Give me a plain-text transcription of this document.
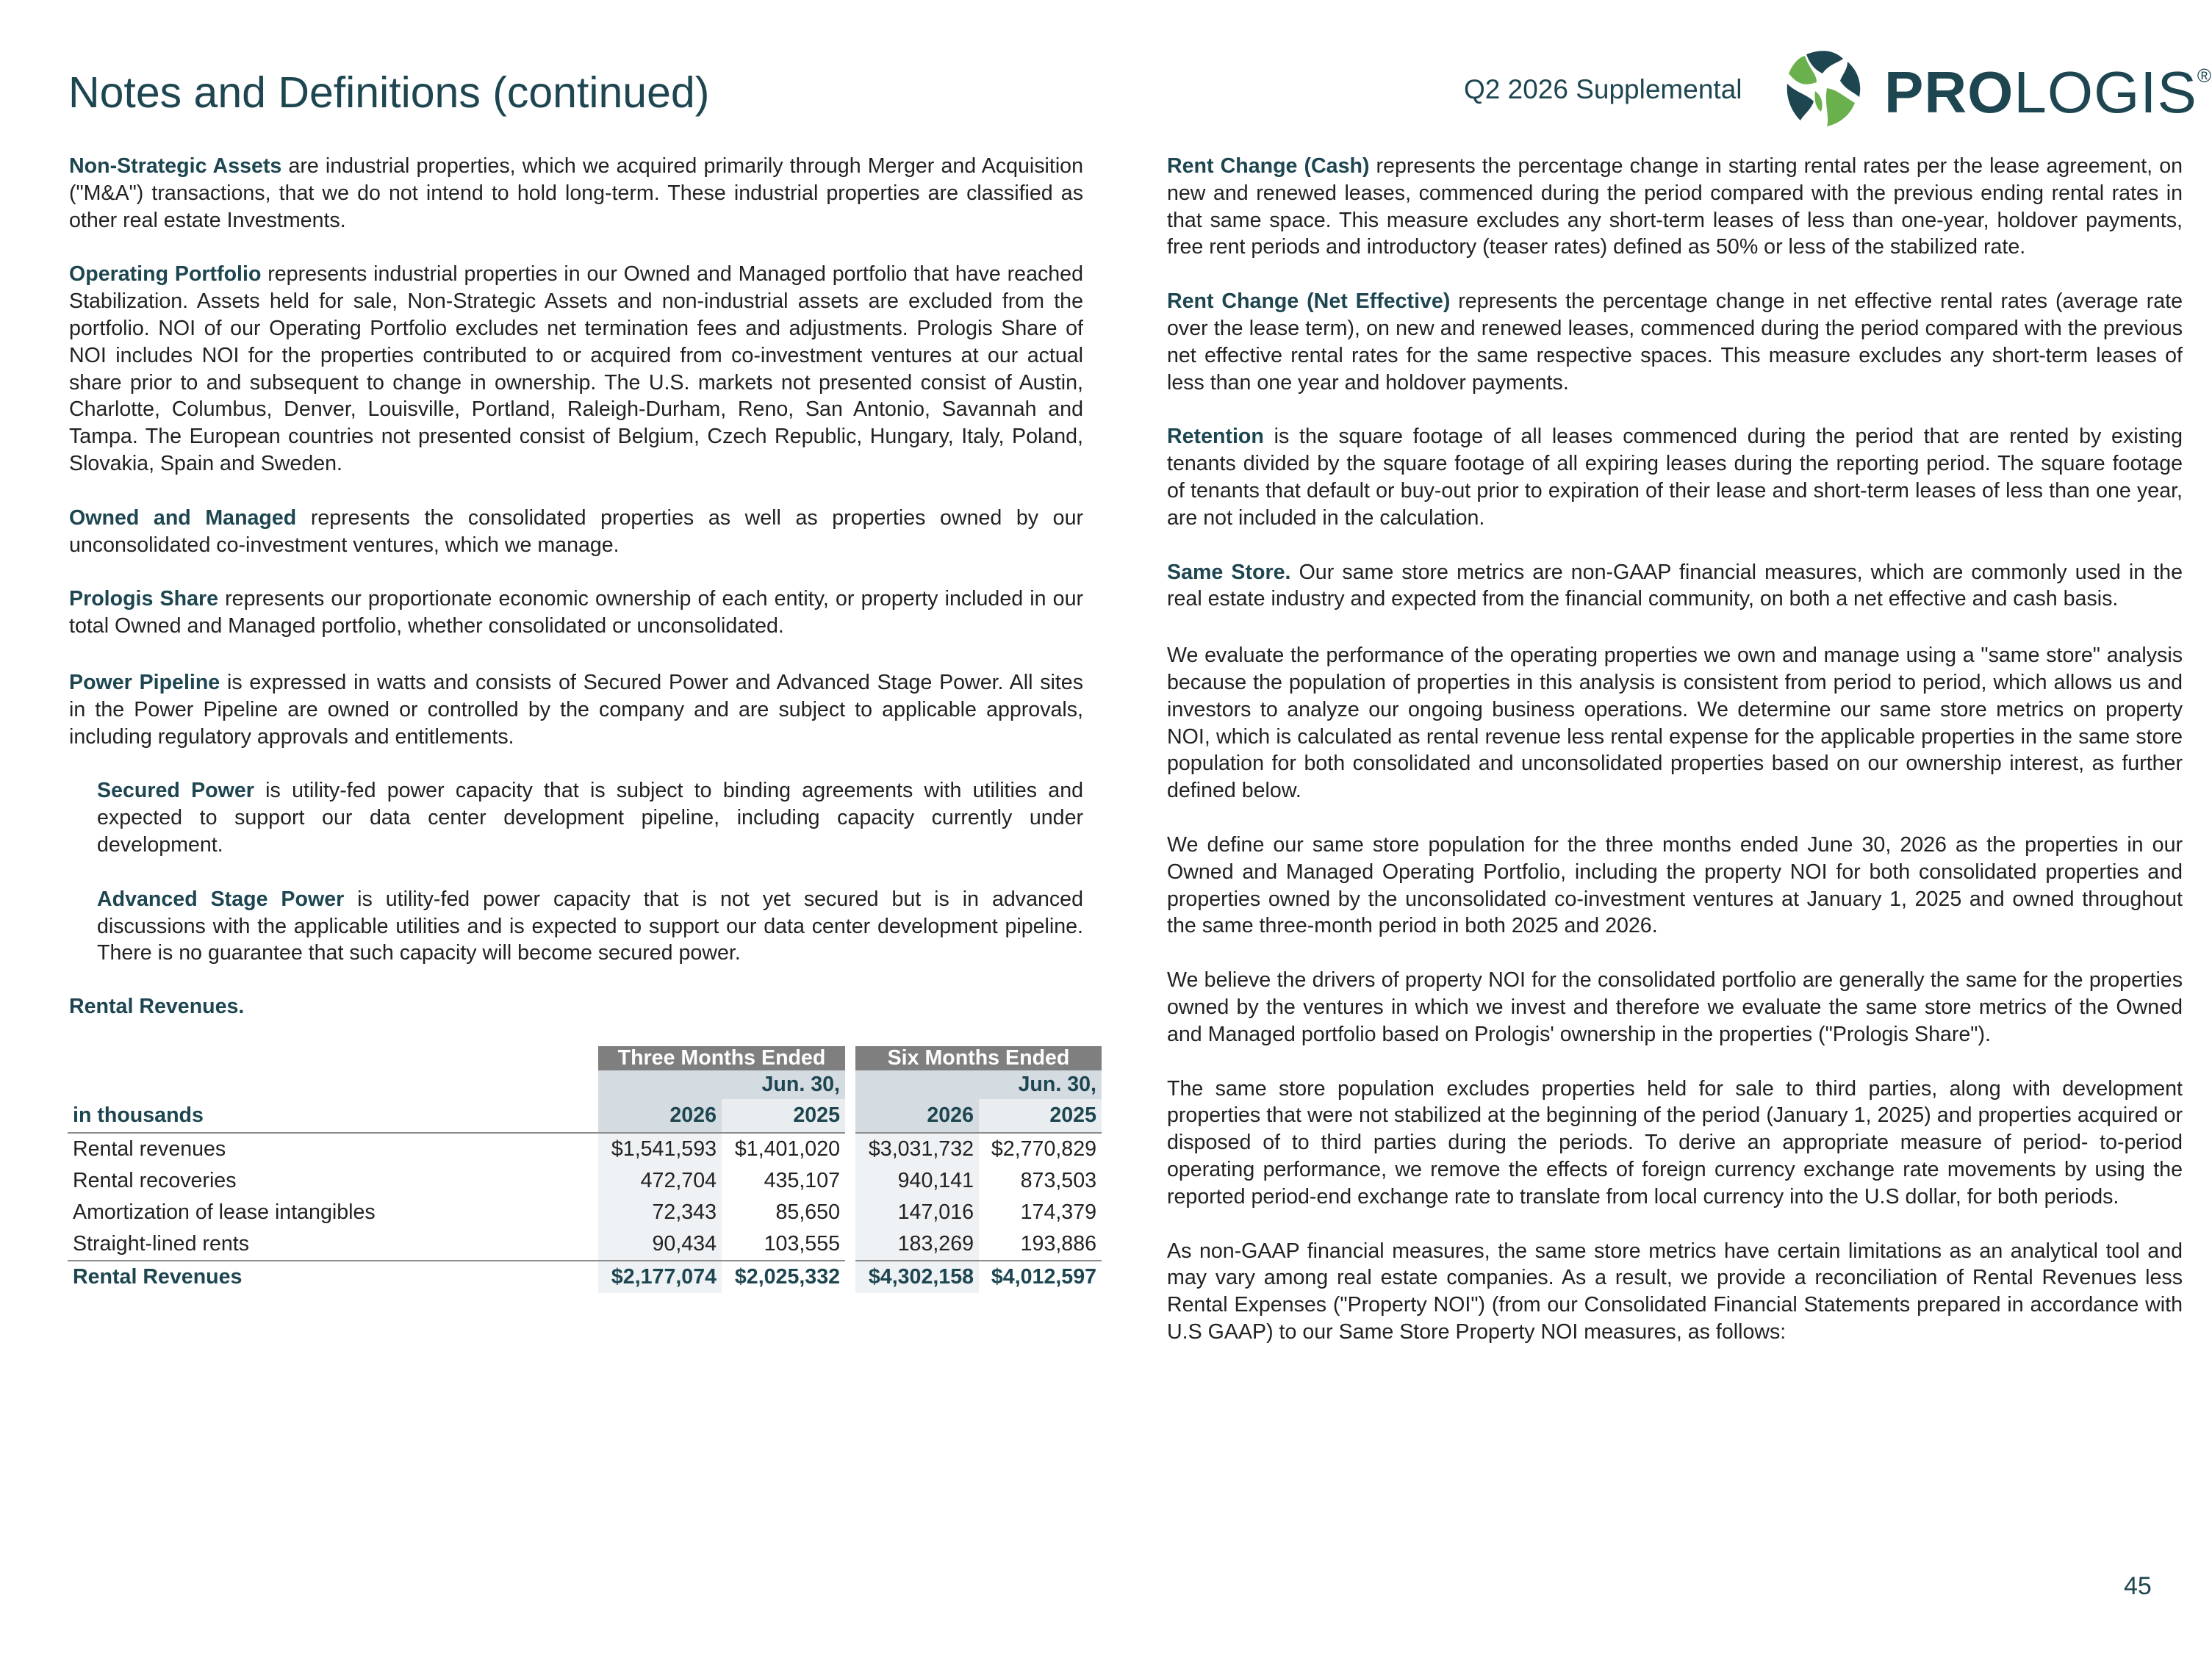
Notes and Definitions (continued)	Q2 2026 Supplemental PROLOGIS®

Non-Strategic Assets are industrial properties, which we acquired primarily through Merger and Acquisition ("M&A") transactions, that we do not intend to hold long-term. These industrial properties are classified as other real estate Investments.

Operating Portfolio represents industrial properties in our Owned and Managed portfolio that have reached Stabilization. Assets held for sale, Non-Strategic Assets and non-industrial assets are excluded from the portfolio. NOI of our Operating Portfolio excludes net termination fees and adjustments. Prologis Share of NOI includes NOI for the properties contributed to or acquired from co-investment ventures at our actual share prior to and subsequent to change in ownership. The U.S. markets not presented consist of Austin, Charlotte, Columbus, Denver, Louisville, Portland, Raleigh-Durham, Reno, San Antonio, Savannah and Tampa. The European countries not presented consist of Belgium, Czech Republic, Hungary, Italy, Poland, Slovakia, Spain and Sweden.

Owned and Managed represents the consolidated properties as well as properties owned by our unconsolidated co-investment ventures, which we manage.

Prologis Share represents our proportionate economic ownership of each entity, or property included in our total Owned and Managed portfolio, whether consolidated or unconsolidated.

Power Pipeline is expressed in watts and consists of Secured Power and Advanced Stage Power. All sites in the Power Pipeline are owned or controlled by the company and are subject to applicable approvals, including regulatory approvals and entitlements.

Secured Power is utility-fed power capacity that is subject to binding agreements with utilities and expected to support our data center development pipeline, including capacity currently under development.

Advanced Stage Power is utility-fed power capacity that is not yet secured but is in advanced discussions with the applicable utilities and is expected to support our data center development pipeline. There is no guarantee that such capacity will become secured power.

Rental Revenues.

	Three Months Ended			Six Months Ended	
	Jun. 30,			Jun. 30,	
in thousands	2026	2025		2026	2025
Rental revenues	$1,541,593	$1,401,020		$3,031,732	$2,770,829
Rental recoveries	472,704	435,107		940,141	873,503
Amortization of lease intangibles	72,343	85,650		147,016	174,379
Straight-lined rents	90,434	103,555		183,269	193,886
Rental Revenues	$2,177,074	$2,025,332		$4,302,158	$4,012,597

Rent Change (Cash) represents the percentage change in starting rental rates per the lease agreement, on new and renewed leases, commenced during the period compared with the previous ending rental rates in that same space. This measure excludes any short-term leases of less than one-year, holdover payments, free rent periods and introductory (teaser rates) defined as 50% or less of the stabilized rate.

Rent Change (Net Effective) represents the percentage change in net effective rental rates (average rate over the lease term), on new and renewed leases, commenced during the period compared with the previous net effective rental rates for the same respective spaces. This measure excludes any short-term leases of less than one year and holdover payments.

Retention is the square footage of all leases commenced during the period that are rented by existing tenants divided by the square footage of all expiring leases during the reporting period. The square footage of tenants that default or buy-out prior to expiration of their lease and short-term leases of less than one year, are not included in the calculation.

Same Store. Our same store metrics are non-GAAP financial measures, which are commonly used in the real estate industry and expected from the financial community, on both a net effective and cash basis.

We evaluate the performance of the operating properties we own and manage using a "same store" analysis because the population of properties in this analysis is consistent from period to period, which allows us and investors to analyze our ongoing business operations. We determine our same store metrics on property NOI, which is calculated as rental revenue less rental expense for the applicable properties in the same store population for both consolidated and unconsolidated properties based on our ownership interest, as further defined below.

We define our same store population for the three months ended June 30, 2026 as the properties in our Owned and Managed Operating Portfolio, including the property NOI for both consolidated properties and properties owned by the unconsolidated co-investment ventures at January 1, 2025 and owned throughout the same three-month period in both 2025 and 2026.

We believe the drivers of property NOI for the consolidated portfolio are generally the same for the properties owned by the ventures in which we invest and therefore we evaluate the same store metrics of the Owned and Managed portfolio based on Prologis' ownership in the properties ("Prologis Share").

The same store population excludes properties held for sale to third parties, along with development properties that were not stabilized at the beginning of the period (January 1, 2025) and properties acquired or disposed of to third parties during the periods. To derive an appropriate measure of period- to-period operating performance, we remove the effects of foreign currency exchange rate movements by using the reported period-end exchange rate to translate from local currency into the U.S dollar, for both periods.

As non-GAAP financial measures, the same store metrics have certain limitations as an analytical tool and may vary among real estate companies. As a result, we provide a reconciliation of Rental Revenues less Rental Expenses ("Property NOI") (from our Consolidated Financial Statements prepared in accordance with U.S GAAP) to our Same Store Property NOI measures, as follows:

45
